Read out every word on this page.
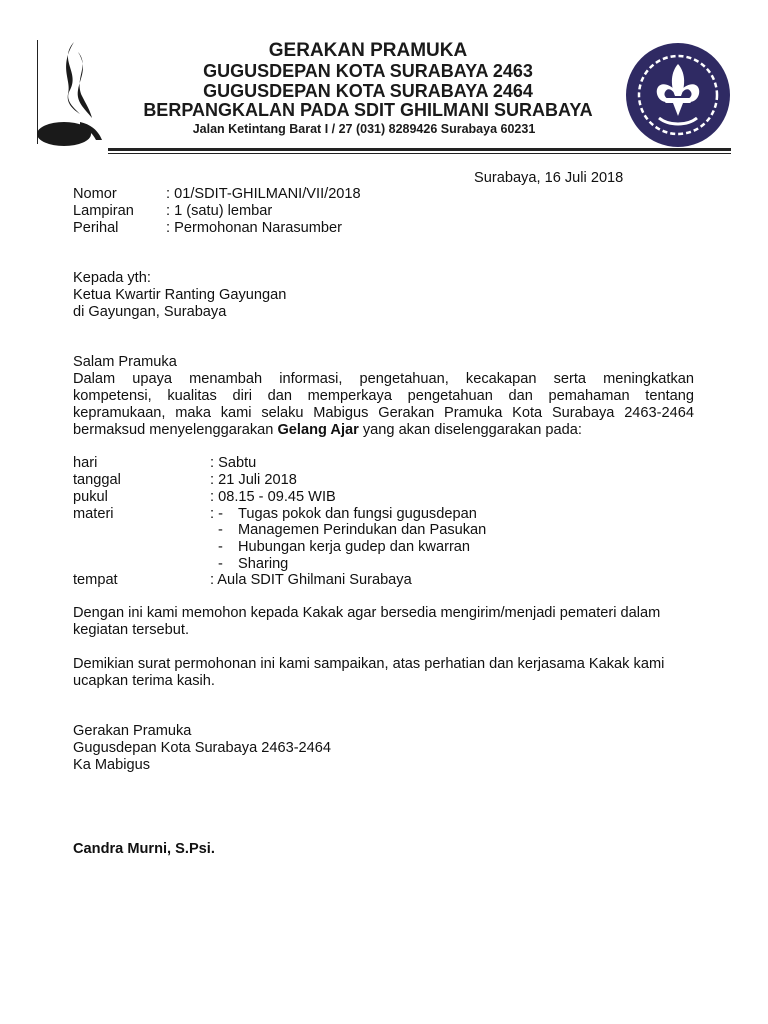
GERAKAN PRAMUKA
GUGUSDEPAN KOTA SURABAYA 2463
GUGUSDEPAN KOTA SURABAYA 2464
BERPANGKALAN PADA SDIT GHILMANI SURABAYA
Jalan Ketintang Barat I / 27 (031) 8289426 Surabaya 60231
Surabaya, 16 Juli 2018
Nomor	: 01/SDIT-GHILMANI/VII/2018
Lampiran : 1 (satu) lembar
Perihal	: Permohonan Narasumber
Kepada yth:
Ketua Kwartir Ranting Gayungan
di Gayungan, Surabaya
Salam Pramuka
Dalam upaya menambah informasi, pengetahuan, kecakapan serta meningkatkan
kompetensi, kualitas diri dan memperkaya pengetahuan dan pemahaman tentang
kepramukaan, maka kami selaku Mabigus Gerakan Pramuka Kota Surabaya 2463-2464
bermaksud menyelenggarakan Gelang Ajar yang akan diselenggarakan pada:
hari	: Sabtu
tanggal	: 21 Juli 2018
pukul	: 08.15 - 09.45 WIB
materi	: - Tugas pokok dan fungsi gugusdepan
- Managemen Perindukan dan Pasukan
- Hubungan kerja gudep dan kwarran
- Sharing
tempat	: Aula SDIT Ghilmani Surabaya
Dengan ini kami memohon kepada Kakak agar bersedia mengirim/menjadi pemateri dalam
kegiatan tersebut.
Demikian surat permohonan ini kami sampaikan, atas perhatian dan kerjasama Kakak kami
ucapkan terima kasih.
Gerakan Pramuka
Gugusdepan Kota Surabaya 2463-2464
Ka Mabigus
Candra Murni, S.Psi.
